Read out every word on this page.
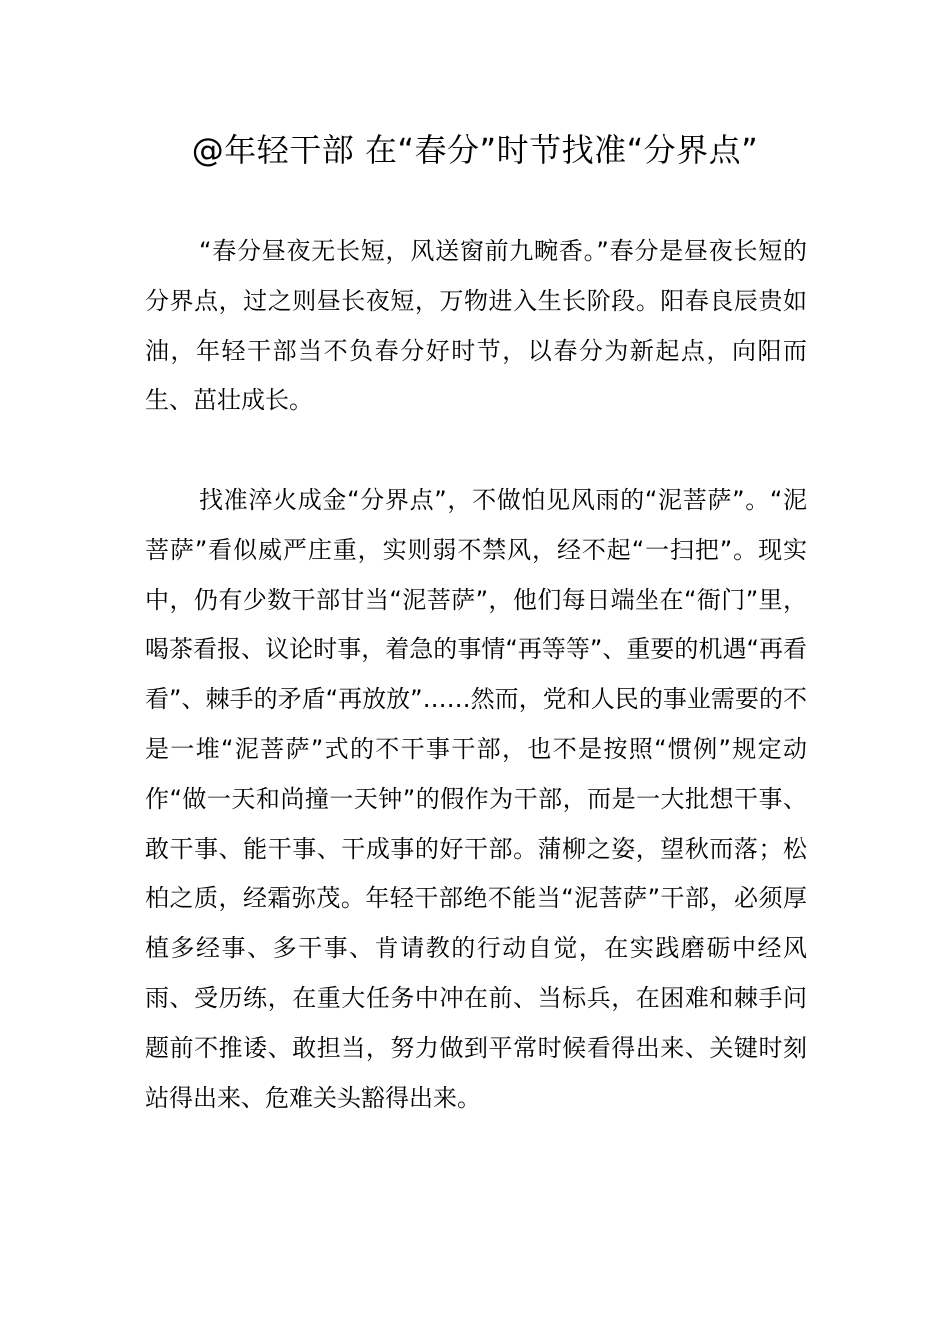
@年轻干部 在“春分”时节找准“分界点”

“春分昼夜无长短，风送窗前九畹香。”春分是昼夜长短的分界点，过之则昼长夜短，万物进入生长阶段。阳春良辰贵如油，年轻干部当不负春分好时节，以春分为新起点，向阳而生、茁壮成长。

找准淬火成金“分界点”，不做怕见风雨的“泥菩萨”。“泥菩萨”看似威严庄重，实则弱不禁风，经不起“一扫把”。现实中，仍有少数干部甘当“泥菩萨”，他们每日端坐在“衙门”里，喝茶看报、议论时事，着急的事情“再等等”、重要的机遇“再看看”、棘手的矛盾“再放放”……然而，党和人民的事业需要的不是一堆“泥菩萨”式的不干事干部，也不是按照“惯例”规定动作“做一天和尚撞一天钟”的假作为干部，而是一大批想干事、敢干事、能干事、干成事的好干部。蒲柳之姿，望秋而落；松柏之质，经霜弥茂。年轻干部绝不能当“泥菩萨”干部，必须厚植多经事、多干事、肯请教的行动自觉，在实践磨砺中经风雨、受历练，在重大任务中冲在前、当标兵，在困难和棘手问题前不推诿、敢担当，努力做到平常时候看得出来、关键时刻站得出来、危难关头豁得出来。
